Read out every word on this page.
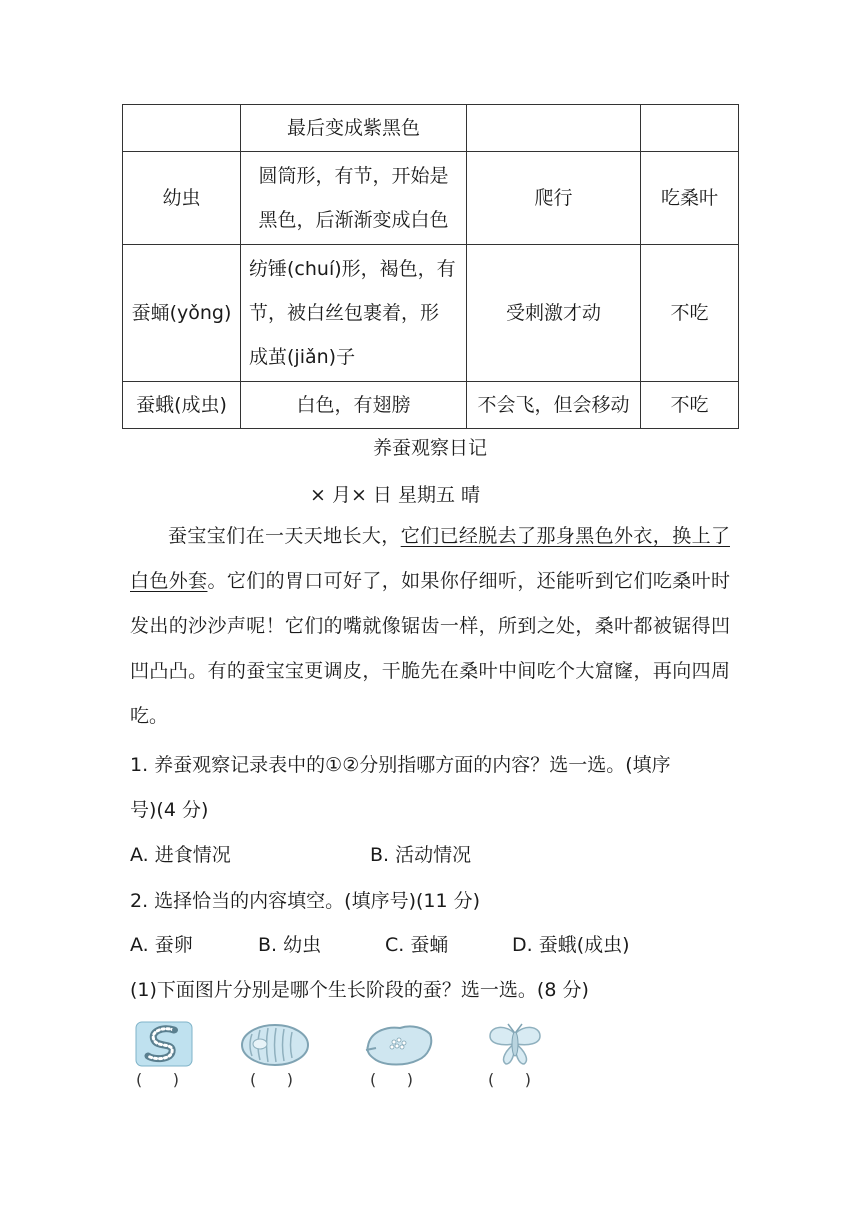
	最后变成紫黑色		
幼虫	圆筒形，有节，开始是
黑色，后渐渐变成白色	爬行	吃桑叶
蚕蛹(yǒng)	纺锤(chuí)形，褐色，有
节，被白丝包裹着，形
成茧(jiǎn)子	受刺激才动	不吃
蚕蛾(成虫)	白色，有翅膀	不会飞，但会移动	不吃
养蚕观察日记
× 月× 日 星期五 晴
蚕宝宝们在一天天地长大，它们已经脱去了那身黑色外衣，换上了白色外套。它们的胃口可好了，如果你仔细听，还能听到它们吃桑叶时发出的沙沙声呢！它们的嘴就像锯齿一样，所到之处，桑叶都被锯得凹凹凸凸。有的蚕宝宝更调皮，干脆先在桑叶中间吃个大窟窿，再向四周吃。
1. 养蚕观察记录表中的①②分别指哪方面的内容？选一选。(填序
号)(4 分)
A. 进食情况	B. 活动情况
2. 选择恰当的内容填空。(填序号)(11 分)
A. 蚕卵	B. 幼虫	C. 蚕蛹	D. 蚕蛾(成虫)
(1)下面图片分别是哪个生长阶段的蚕？选一选。(8 分)
(      )	(      )	(      )	(      )
